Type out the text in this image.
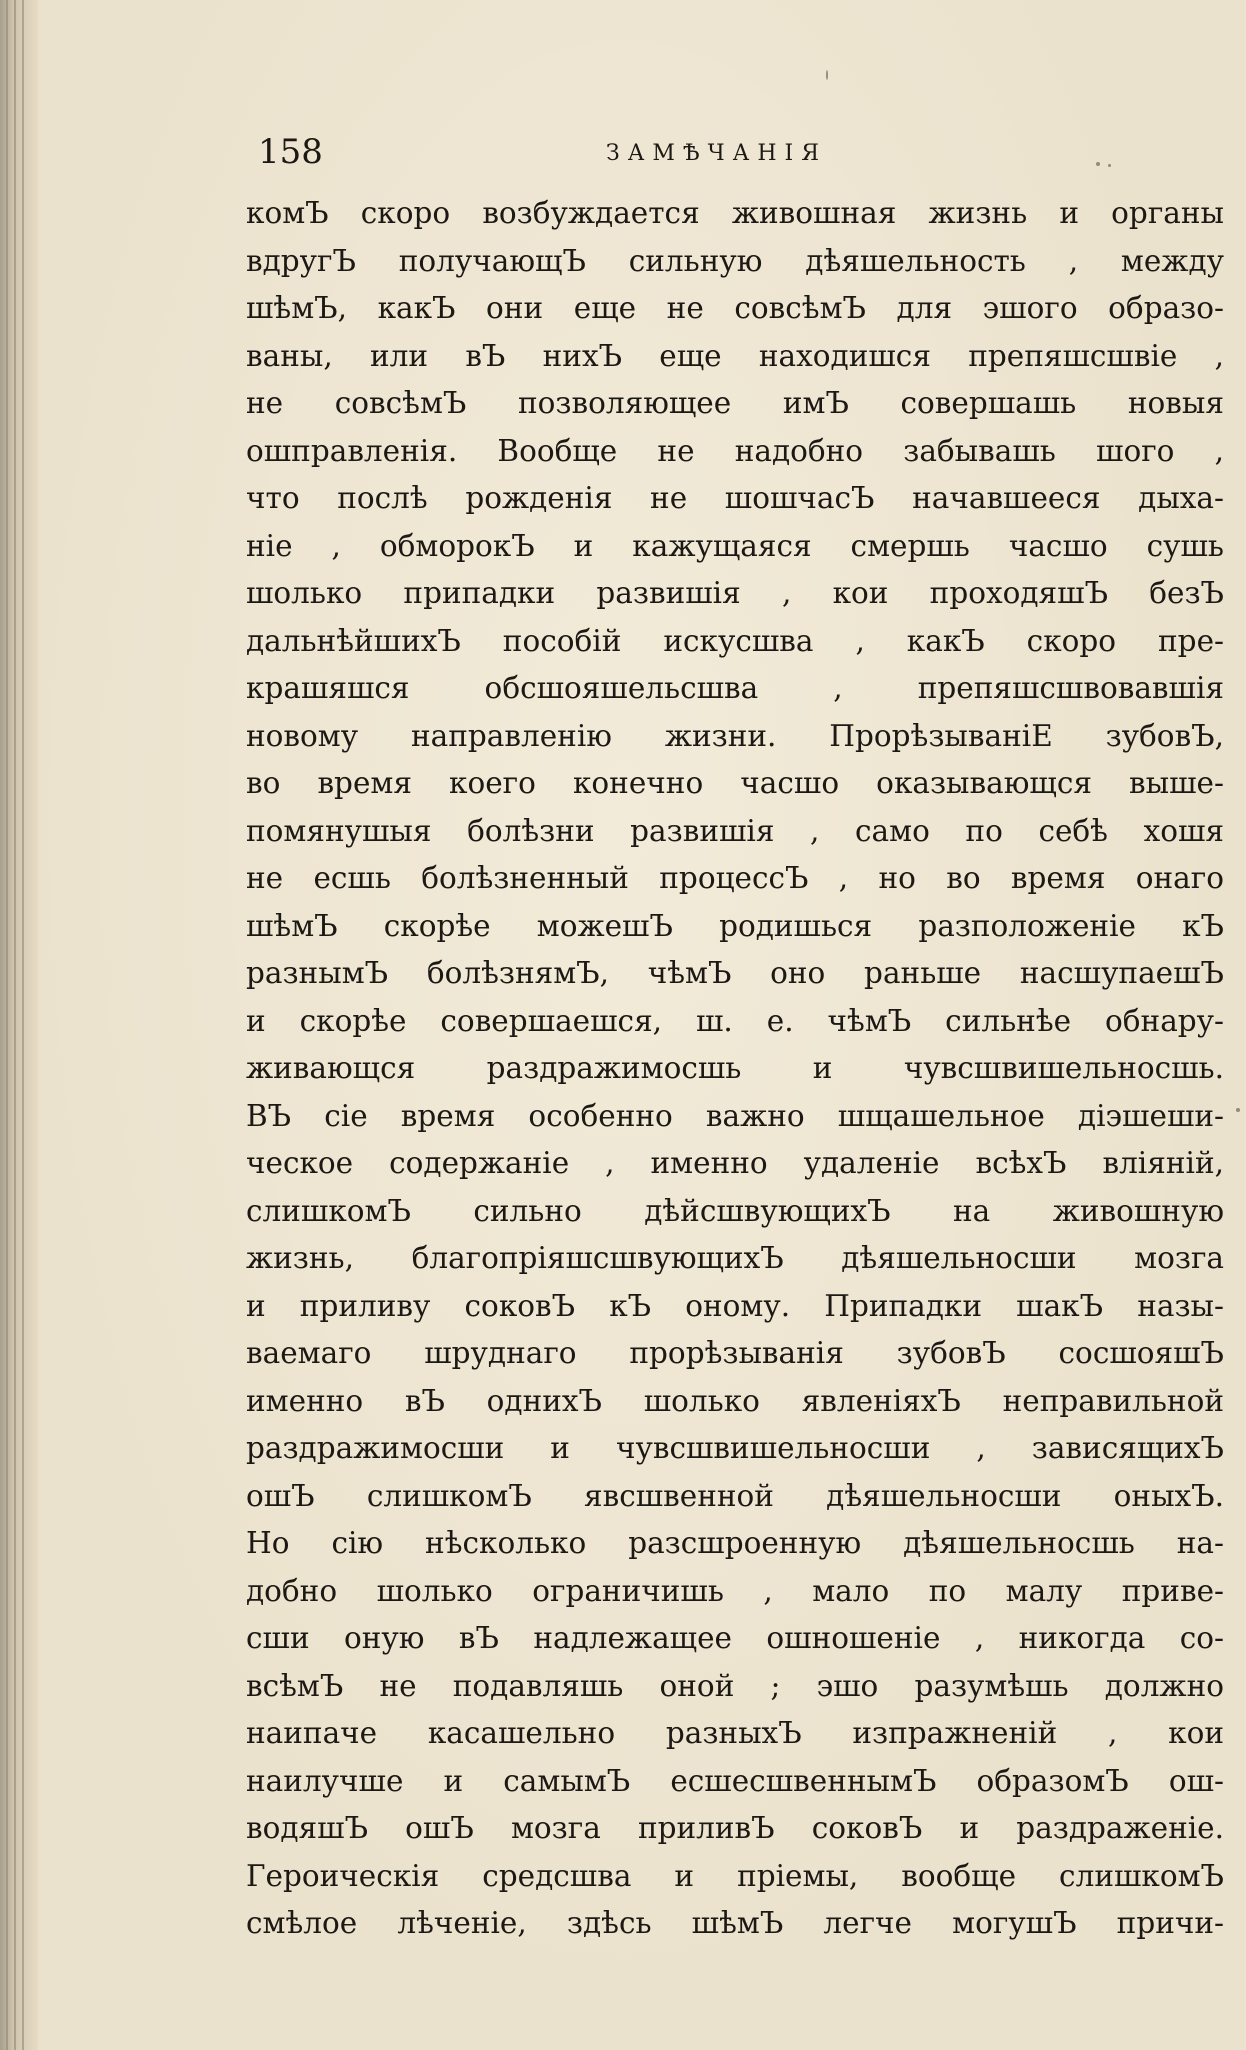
158	ЗАМѢЧАНІЯ
комЪ скоро возбуждается живошная жизнь и органы
вдругЪ получающЪ сильную дѣяшельность , между
шѣмЪ, какЪ они еще не совсѣмЪ для эшого образо-
ваны, или вЪ нихЪ еще находишся препяшсшвіе ,
не совсѣмЪ позволяющее имЪ совершашь новыя
ошправленія. Вообще не надобно забывашь шого ,
что послѣ рожденія не шошчасЪ начавшееся дыха-
ніе , обморокЪ и кажущаяся смершь часшо сушь
шолько припадки развишія , кои проходяшЪ безЪ
дальнѣйшихЪ пособій искусшва , какЪ скоро пре-
крашяшся обсшояшельсшва , препяшсшвовавшія
новому направленію жизни. ПрорѣзываніЕ зубовЪ,
во время коего конечно часшо оказывающся выше-
помянушыя болѣзни развишія , само по себѣ хошя
не есшь болѣзненный процессЪ , но во время онаго
шѣмЪ скорѣе можешЪ родишься разположеніе кЪ
разнымЪ болѣзнямЪ, чѣмЪ оно раньше насшупаешЪ
и скорѣе совершаешся, ш. е. чѣмЪ сильнѣе обнару-
живающся раздражимосшь и чувсшвишельносшь.
ВЪ сіе время особенно важно шщашельное діэшеши-
ческое содержаніе , именно удаленіе всѣхЪ вліяній,
слишкомЪ сильно дѣйсшвующихЪ на живошную
жизнь, благопріяшсшвующихЪ дѣяшельносши мозга
и приливу соковЪ кЪ оному. Припадки шакЪ назы-
ваемаго шруднаго прорѣзыванія зубовЪ сосшояшЪ
именно вЪ однихЪ шолько явленіяхЪ неправильной
раздражимосши и чувсшвишельносши , зависящихЪ
ошЪ слишкомЪ явсшвенной дѣяшельносши оныхЪ.
Но сію нѣсколько разсшроенную дѣяшельносшь на-
добно шолько ограничишь , мало по малу приве-
сши оную вЪ надлежащее ошношеніе , никогда со-
всѣмЪ не подавляшь оной ; эшо разумѣшь должно
наипаче касашельно разныхЪ изпражненій , кои
наилучше и самымЪ есшесшвеннымЪ образомЪ ош-
водяшЪ ошЪ мозга приливЪ соковЪ и раздраженіе.
Героическія средсшва и пріемы, вообще слишкомЪ
смѣлое лѣченіе, здѣсь шѣмЪ легче могушЪ причи-
